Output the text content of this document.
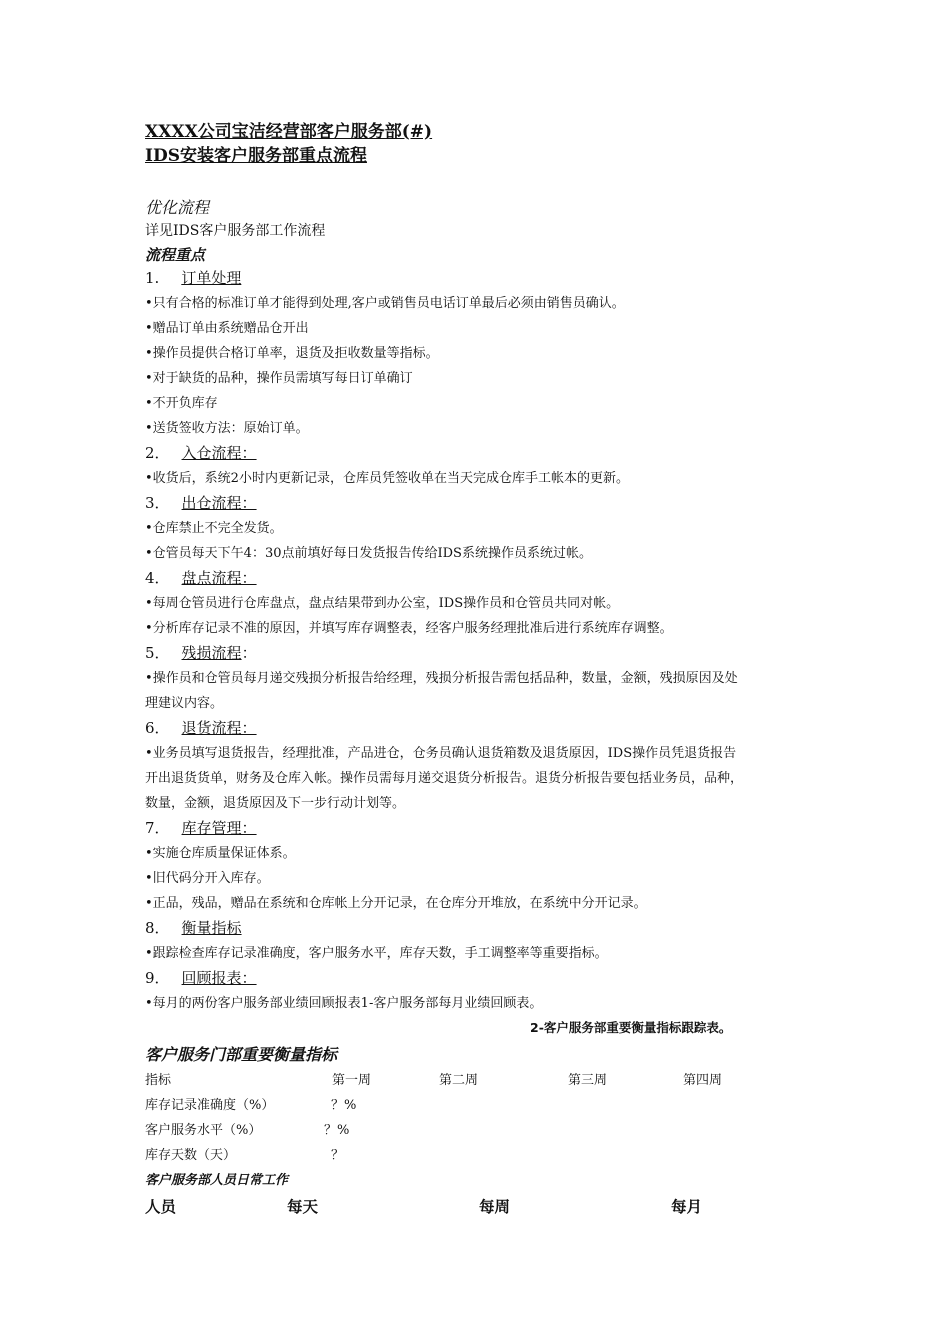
XXXX公司宝洁经营部客户服务部(#)
IDS安装客户服务部重点流程
优化流程
详见IDS客户服务部工作流程
流程重点
1. 订单处理
•只有合格的标准订单才能得到处理,客户或销售员电话订单最后必须由销售员确认。
•赠品订单由系统赠品仓开出
•操作员提供合格订单率，退货及拒收数量等指标。
•对于缺货的品种，操作员需填写每日订单确订
•不开负库存
•送货签收方法：原始订单。
2． 入仓流程：
•收货后，系统2小时内更新记录，仓库员凭签收单在当天完成仓库手工帐本的更新。
3． 出仓流程：
•仓库禁止不完全发货。
•仓管员每天下午4：30点前填好每日发货报告传给IDS系统操作员系统过帐。
4． 盘点流程：
•每周仓管员进行仓库盘点，盘点结果带到办公室，IDS操作员和仓管员共同对帐。
•分析库存记录不准的原因，并填写库存调整表，经客户服务经理批准后进行系统库存调整。
5． 残损流程：
•操作员和仓管员每月递交残损分析报告给经理，残损分析报告需包括品种，数量，金额，残损原因及处
理建议内容。
6． 退货流程：
•业务员填写退货报告，经理批准，产品进仓，仓务员确认退货箱数及退货原因，IDS操作员凭退货报告
开出退货货单，财务及仓库入帐。操作员需每月递交退货分析报告。退货分析报告要包括业务员，品种，
数量，金额，退货原因及下一步行动计划等。
7． 库存管理：
•实施仓库质量保证体系。
•旧代码分开入库存。
•正品，残品，赠品在系统和仓库帐上分开记录，在仓库分开堆放，在系统中分开记录。
8． 衡量指标
•跟踪检查库存记录准确度，客户服务水平，库存天数，手工调整率等重要指标。
9． 回顾报表：
•每月的两份客户服务部业绩回顾报表1-客户服务部每月业绩回顾表。
2-客户服务部重要衡量指标跟踪表。
客户服务门部重要衡量指标
指标	第一周	第二周	第三周	第四周
库存记录准确度（%）	？%
客户服务水平（%）	？%
库存天数（天）	？
客户服务部人员日常工作
人员	每天	每周	每月
